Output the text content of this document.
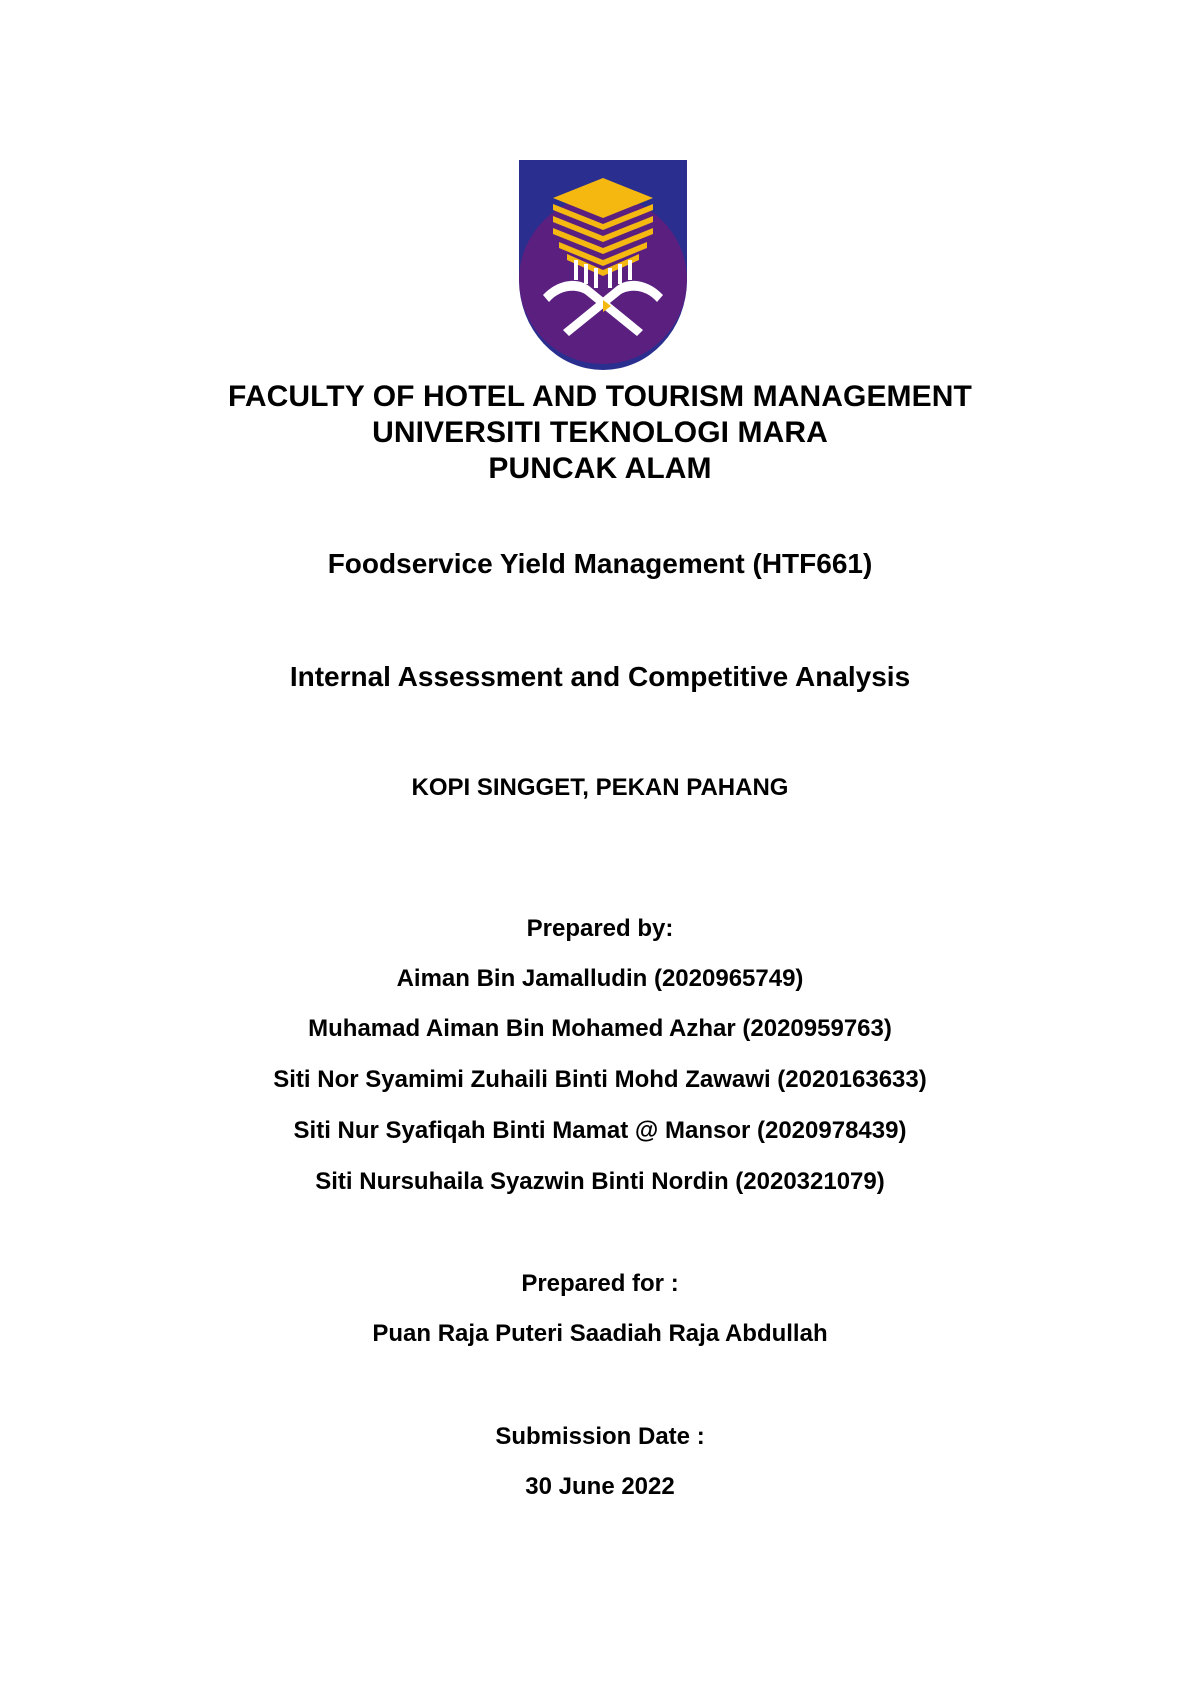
FACULTY OF HOTEL AND TOURISM MANAGEMENT
UNIVERSITI TEKNOLOGI MARA
PUNCAK ALAM
Foodservice Yield Management (HTF661)
Internal Assessment and Competitive Analysis
KOPI SINGGET, PEKAN PAHANG
Prepared by:
Aiman Bin Jamalludin (2020965749)
Muhamad Aiman Bin Mohamed Azhar (2020959763)
Siti Nor Syamimi Zuhaili Binti Mohd Zawawi (2020163633)
Siti Nur Syafiqah Binti Mamat @ Mansor (2020978439)
Siti Nursuhaila Syazwin Binti Nordin (2020321079)
Prepared for :
Puan Raja Puteri Saadiah Raja Abdullah
Submission Date :
30 June 2022
